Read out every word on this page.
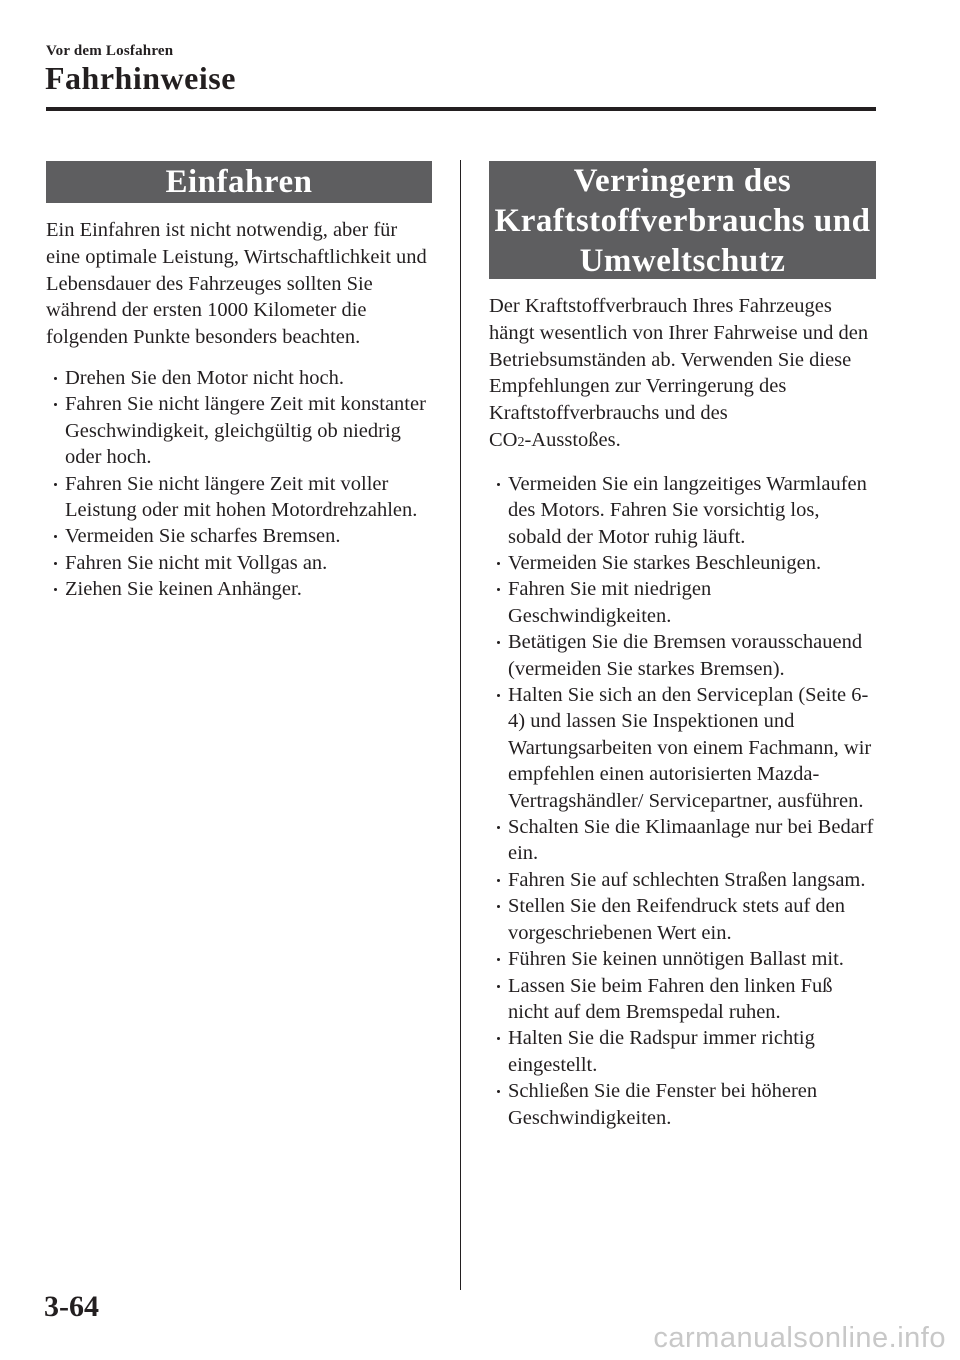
Vor dem Losfahren
Fahrhinweise
Einfahren

Ein Einfahren ist nicht notwendig, aber für eine optimale Leistung, Wirtschaftlichkeit und Lebensdauer des Fahrzeuges sollten Sie während der ersten 1000 Kilometer die folgenden Punkte besonders beachten.

Drehen Sie den Motor nicht hoch.
Fahren Sie nicht längere Zeit mit konstanter Geschwindigkeit, gleichgültig ob niedrig oder hoch.
Fahren Sie nicht längere Zeit mit voller Leistung oder mit hohen Motordrehzahlen.
Vermeiden Sie scharfes Bremsen.
Fahren Sie nicht mit Vollgas an.
Ziehen Sie keinen Anhänger.
Verringern des
Kraftstoffverbrauchs und
Umweltschutz

Der Kraftstoffverbrauch Ihres Fahrzeuges hängt wesentlich von Ihrer Fahrweise und den Betriebsumständen ab. Verwenden Sie diese Empfehlungen zur Verringerung des Kraftstoffverbrauchs und des
CO2-Ausstoßes.

Vermeiden Sie ein langzeitiges Warmlaufen des Motors. Fahren Sie vorsichtig los, sobald der Motor ruhig läuft.
Vermeiden Sie starkes Beschleunigen.
Fahren Sie mit niedrigen Geschwindigkeiten.
Betätigen Sie die Bremsen vorausschauend (vermeiden Sie starkes Bremsen).
Halten Sie sich an den Serviceplan (Seite 6-4) und lassen Sie Inspektionen und Wartungsarbeiten von einem Fachmann, wir empfehlen einen autorisierten Mazda-Vertragshändler/ Servicepartner, ausführen.
Schalten Sie die Klimaanlage nur bei Bedarf ein.
Fahren Sie auf schlechten Straßen langsam.
Stellen Sie den Reifendruck stets auf den vorgeschriebenen Wert ein.
Führen Sie keinen unnötigen Ballast mit.
Lassen Sie beim Fahren den linken Fuß nicht auf dem Bremspedal ruhen.
Halten Sie die Radspur immer richtig eingestellt.
Schließen Sie die Fenster bei höheren Geschwindigkeiten.
3-64
carmanualsonline.info
